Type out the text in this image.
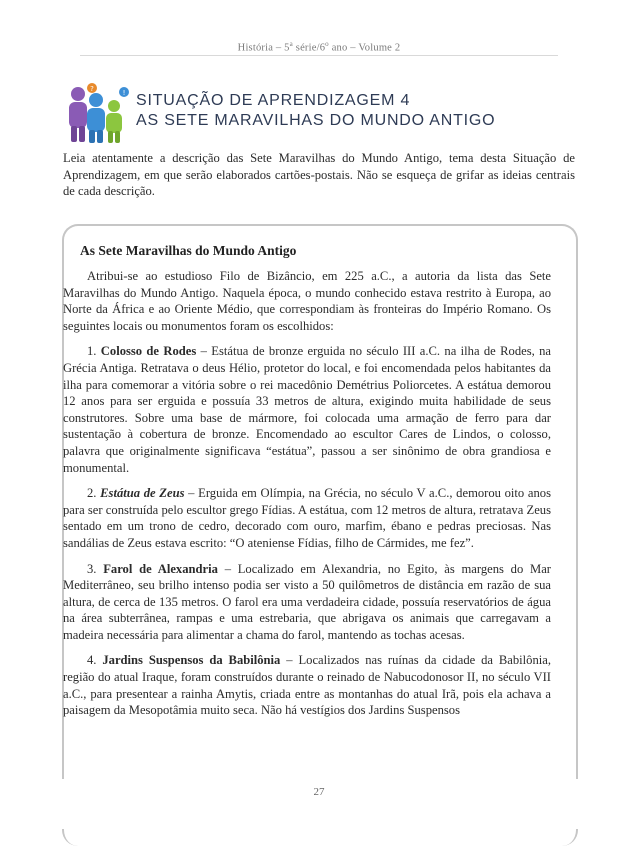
História – 5$^a$ série/6$^o$ ano – Volume 2
?	! SITUAÇÃO DE APRENDIZAGEM 4
AS SETE MARAVILHAS DO MUNDO ANTIGO
Leia atentamente a descrição das Sete Maravilhas do Mundo Antigo, tema desta Situação de Aprendizagem, em que serão elaborados cartões-postais. Não se esqueça de grifar as ideias centrais de cada descrição.
As Sete Maravilhas do Mundo Antigo

Atribui-se ao estudioso Filo de Bizâncio, em 225 a.C., a autoria da lista das Sete Maravilhas do Mundo Antigo. Naquela época, o mundo conhecido estava restrito à Europa, ao Norte da África e ao Oriente Médio, que correspondiam às fronteiras do Império Romano. Os seguintes locais ou monumentos foram os escolhidos:

1. Colosso de Rodes – Estátua de bronze erguida no século III a.C. na ilha de Rodes, na Grécia Antiga. Retratava o deus Hélio, protetor do local, e foi encomendada pelos habitantes da ilha para comemorar a vitória sobre o rei macedônio Demétrius Poliorcetes. A estátua demorou 12 anos para ser erguida e possuía 33 metros de altura, exigindo muita habilidade de seus construtores. Sobre uma base de mármore, foi colocada uma armação de ferro para dar sustentação à cobertura de bronze. Encomendado ao escultor Cares de Lindos, o colosso, palavra que originalmente significava “estátua”, passou a ser sinônimo de obra grandiosa e monumental.

2. Estátua de Zeus – Erguida em Olímpia, na Grécia, no século V a.C., demorou oito anos para ser construída pelo escultor grego Fídias. A estátua, com 12 metros de altura, retratava Zeus sentado em um trono de cedro, decorado com ouro, marfim, ébano e pedras preciosas. Nas sandálias de Zeus estava escrito: “O ateniense Fídias, filho de Cármides, me fez”.

3. Farol de Alexandria – Localizado em Alexandria, no Egito, às margens do Mar Mediterrâneo, seu brilho intenso podia ser visto a 50 quilômetros de distância em razão de sua altura, de cerca de 135 metros. O farol era uma verdadeira cidade, possuía reservatórios de água na área subterrânea, rampas e uma estrebaria, que abrigava os animais que carregavam a madeira necessária para alimentar a chama do farol, mantendo as tochas acesas.

4. Jardins Suspensos da Babilônia – Localizados nas ruínas da cidade da Babilônia, região do atual Iraque, foram construídos durante o reinado de Nabucodonosor II, no século VII a.C., para presentear a rainha Amytis, criada entre as montanhas do atual Irã, pois ela achava a paisagem da Mesopotâmia muito seca. Não há vestígios dos Jardins Suspensos

27
